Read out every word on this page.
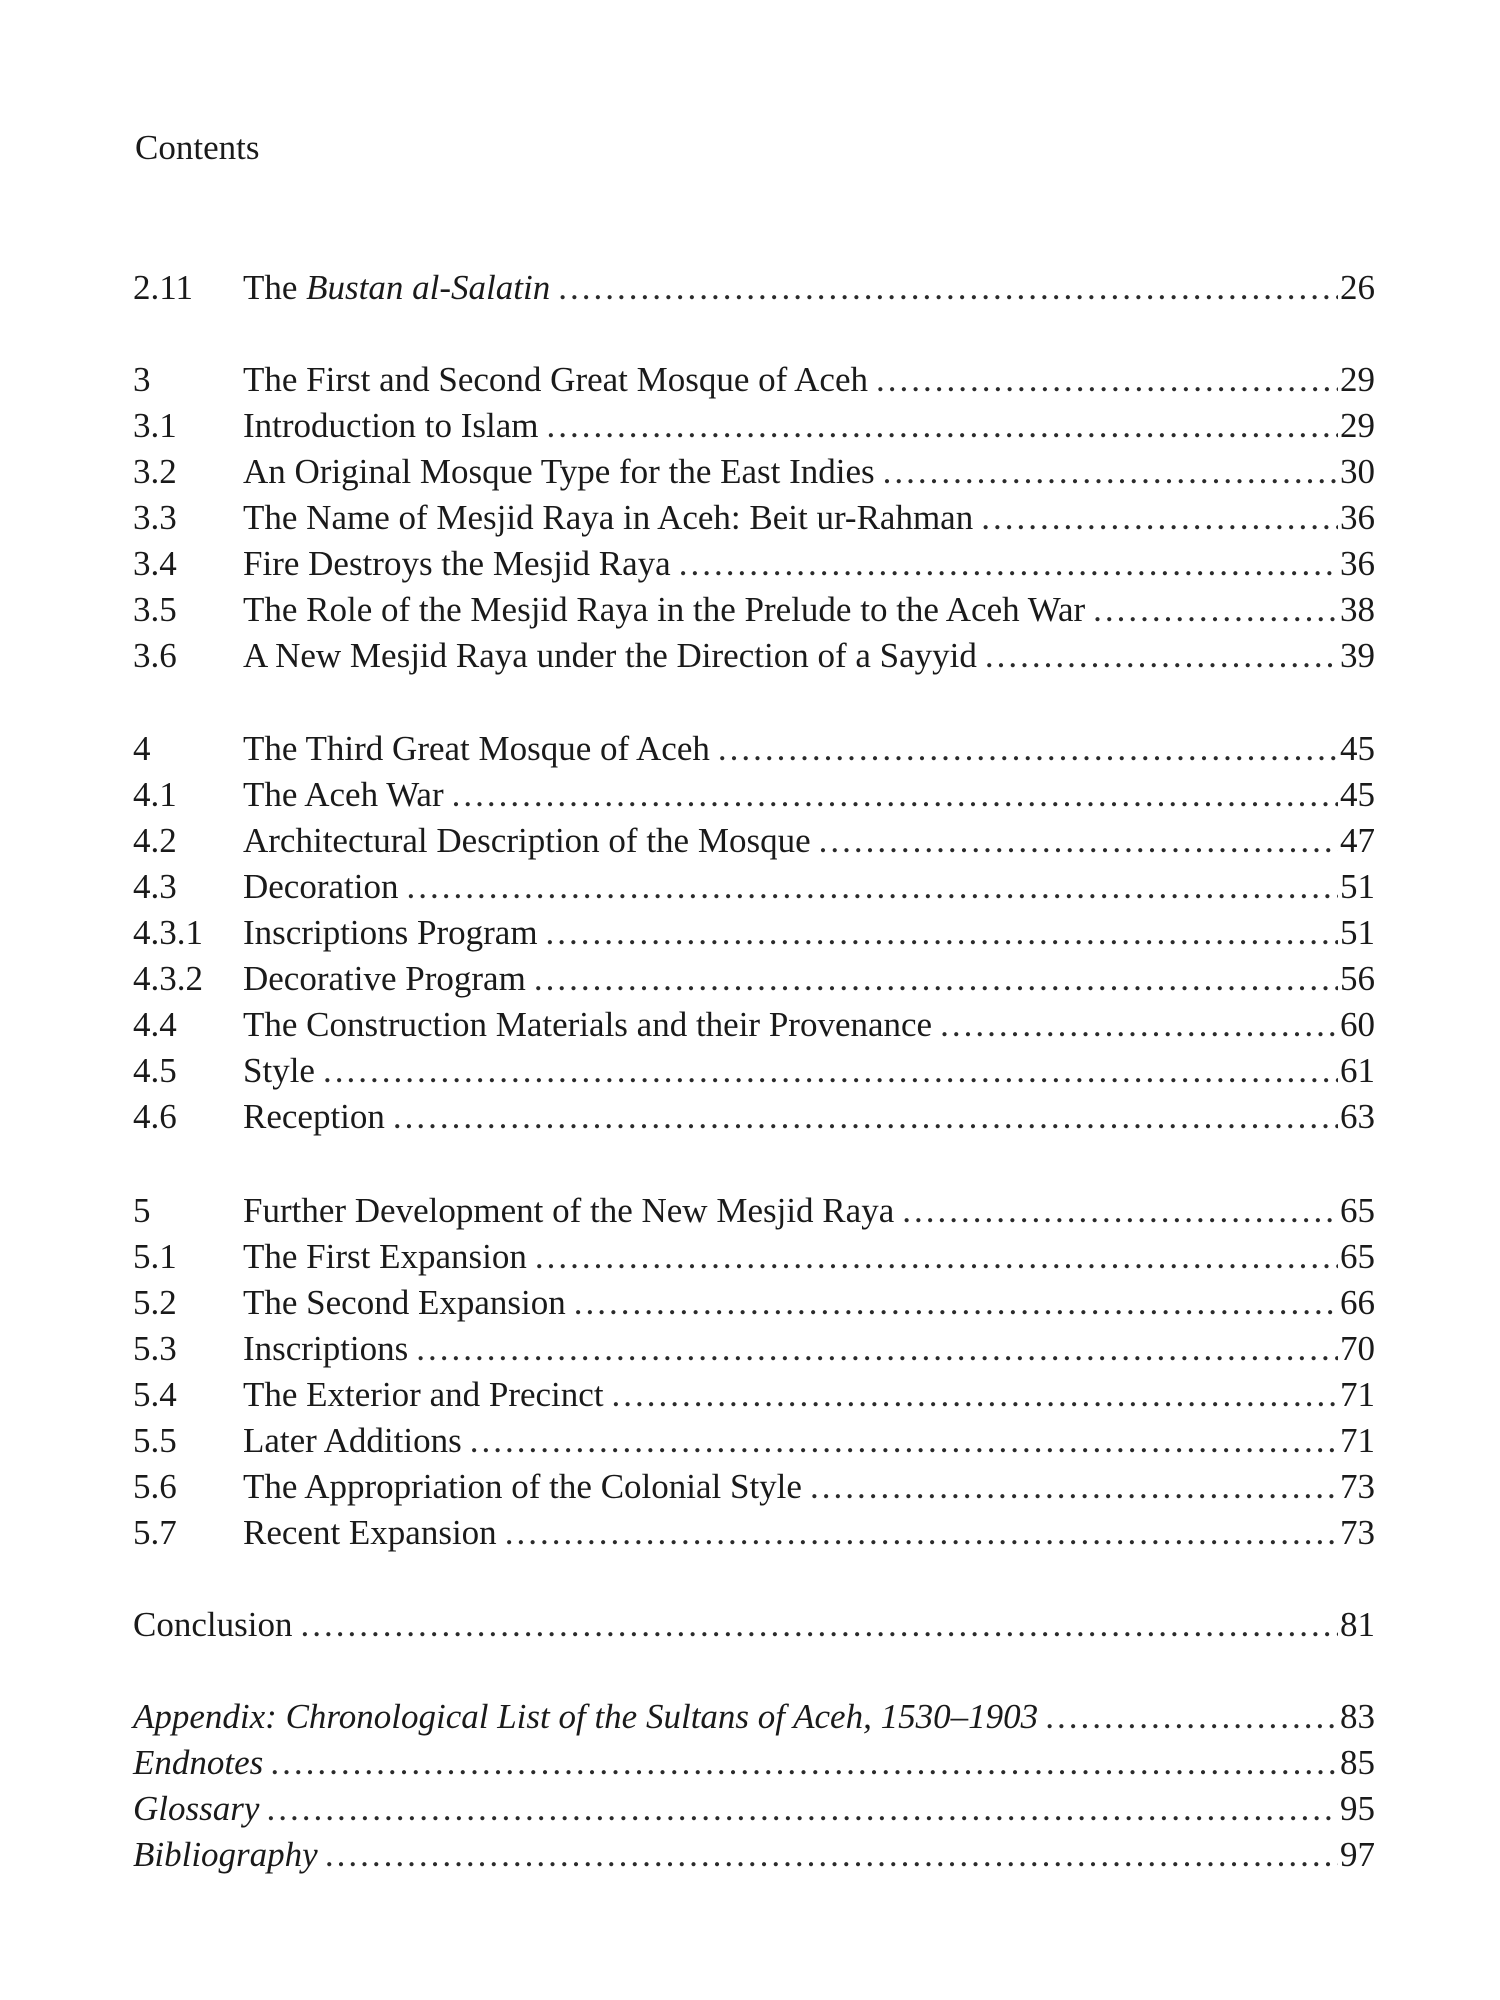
Contents
2.11	The Bustan al-Salatin .....	26
3	The First and Second Great Mosque of Aceh .....	29
3.1	Introduction to Islam .....	29
3.2	An Original Mosque Type for the East Indies .....	30
3.3	The Name of Mesjid Raya in Aceh: Beit ur-Rahman .....	36
3.4	Fire Destroys the Mesjid Raya .....	36
3.5	The Role of the Mesjid Raya in the Prelude to the Aceh War .....	38
3.6	A New Mesjid Raya under the Direction of a Sayyid .....	39
4	The Third Great Mosque of Aceh .....	45
4.1	The Aceh War .....	45
4.2	Architectural Description of the Mosque .....	47
4.3	Decoration .....	51
4.3.1	Inscriptions Program .....	51
4.3.2	Decorative Program .....	56
4.4	The Construction Materials and their Provenance .....	60
4.5	Style .....	61
4.6	Reception .....	63
5	Further Development of the New Mesjid Raya .....	65
5.1	The First Expansion .....	65
5.2	The Second Expansion .....	66
5.3	Inscriptions .....	70
5.4	The Exterior and Precinct .....	71
5.5	Later Additions .....	71
5.6	The Appropriation of the Colonial Style .....	73
5.7	Recent Expansion .....	73
Conclusion .....	81
Appendix: Chronological List of the Sultans of Aceh, 1530–1903 .....	83
Endnotes .....	85
Glossary .....	95
Bibliography .....	97
